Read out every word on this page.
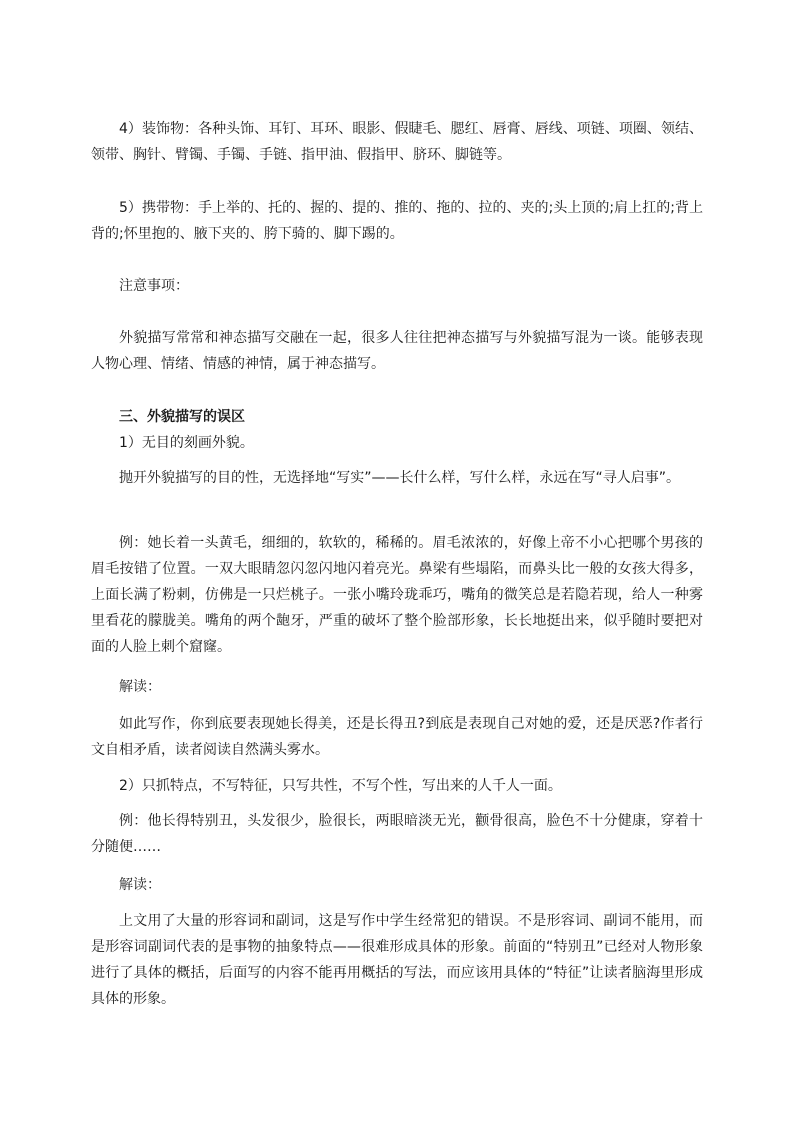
4）装饰物：各种头饰、耳钉、耳环、眼影、假睫毛、腮红、唇膏、唇线、项链、项圈、领结、领带、胸针、臂镯、手镯、手链、指甲油、假指甲、脐环、脚链等。

5）携带物：手上举的、托的、握的、提的、推的、拖的、拉的、夹的;头上顶的;肩上扛的;背上背的;怀里抱的、腋下夹的、胯下骑的、脚下踢的。

注意事项：

外貌描写常常和神态描写交融在一起，很多人往往把神态描写与外貌描写混为一谈。能够表现人物心理、情绪、情感的神情，属于神态描写。

三、外貌描写的误区

1）无目的刻画外貌。

抛开外貌描写的目的性，无选择地“写实”——长什么样，写什么样，永远在写“寻人启事”。

例：她长着一头黄毛，细细的，软软的，稀稀的。眉毛浓浓的，好像上帝不小心把哪个男孩的眉毛按错了位置。一双大眼睛忽闪忽闪地闪着亮光。鼻梁有些塌陷，而鼻头比一般的女孩大得多，上面长满了粉刺，仿佛是一只烂桃子。一张小嘴玲珑乖巧，嘴角的微笑总是若隐若现，给人一种雾里看花的朦胧美。嘴角的两个龅牙，严重的破坏了整个脸部形象，长长地挺出来，似乎随时要把对面的人脸上刺个窟窿。

解读：

如此写作，你到底要表现她长得美，还是长得丑?到底是表现自己对她的爱，还是厌恶?作者行文自相矛盾，读者阅读自然满头雾水。

2）只抓特点，不写特征，只写共性，不写个性，写出来的人千人一面。

例：他长得特别丑，头发很少，脸很长，两眼暗淡无光，颧骨很高，脸色不十分健康，穿着十分随便……

解读：

上文用了大量的形容词和副词，这是写作中学生经常犯的错误。不是形容词、副词不能用，而是形容词副词代表的是事物的抽象特点——很难形成具体的形象。前面的“特别丑”已经对人物形象进行了具体的概括，后面写的内容不能再用概括的写法，而应该用具体的“特征”让读者脑海里形成具体的形象。
